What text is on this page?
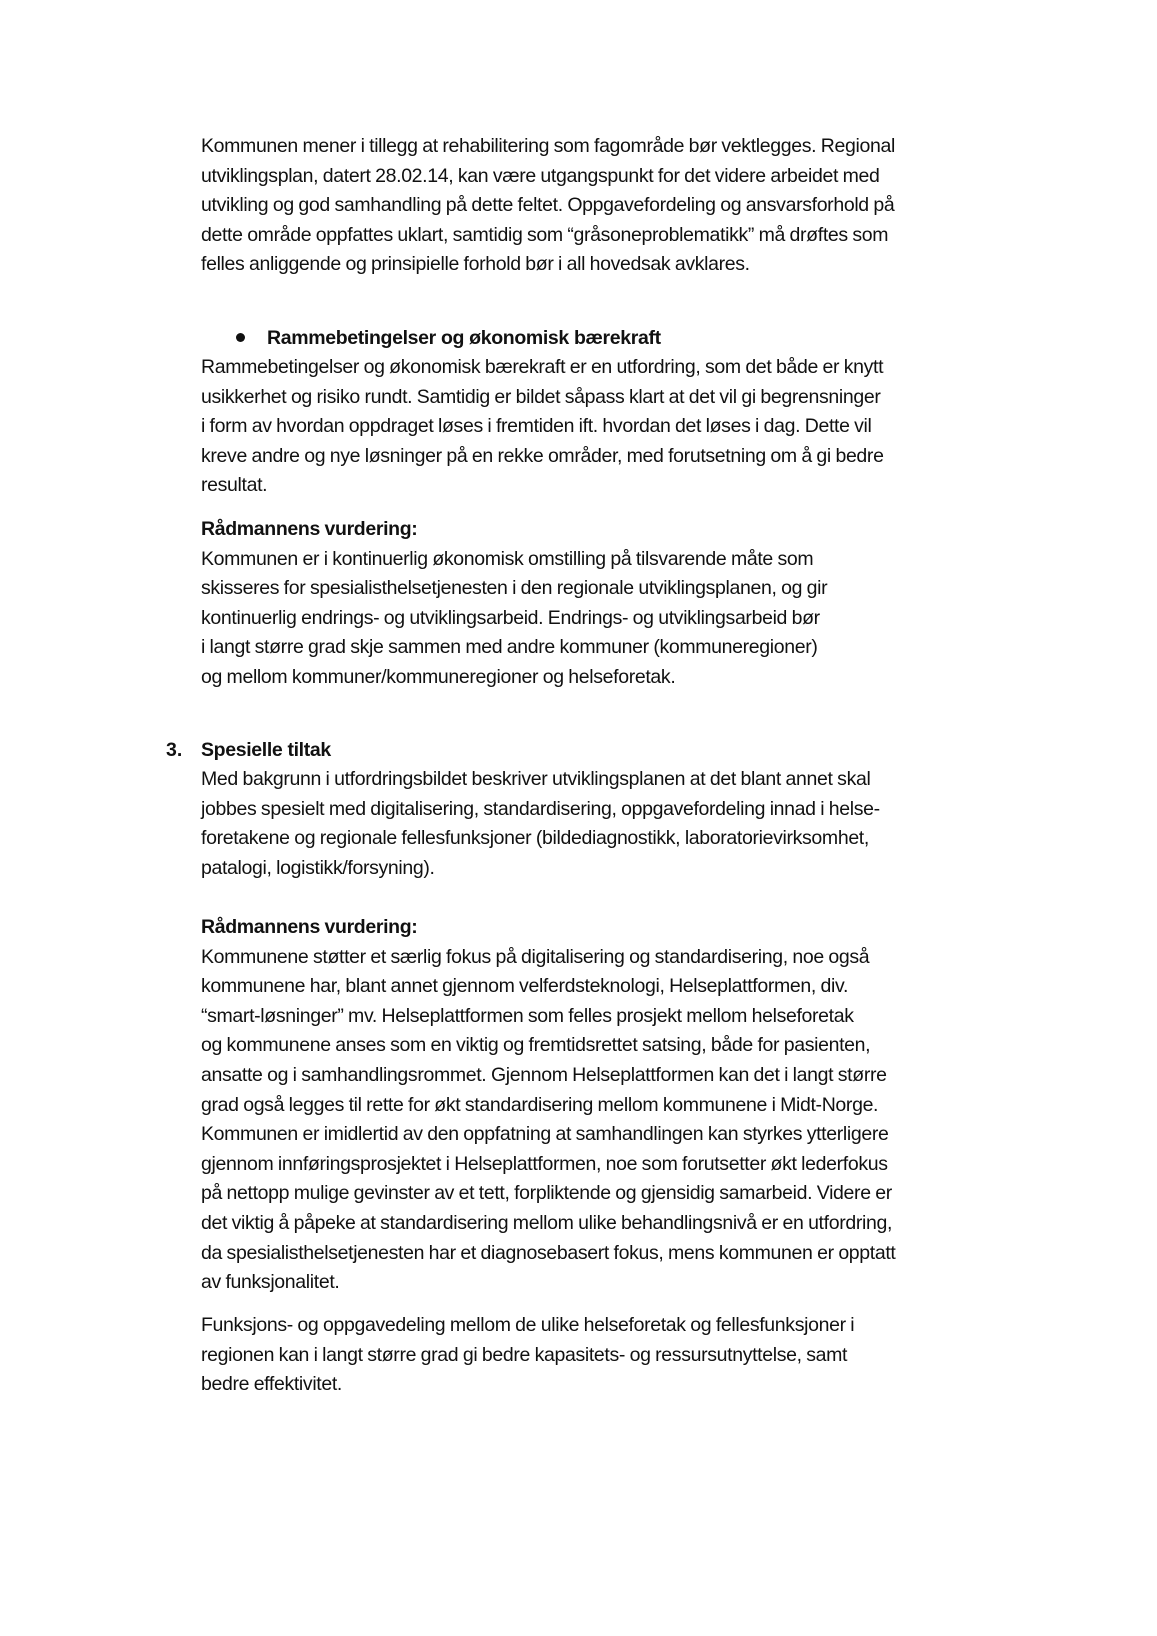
Kommunen mener i tillegg at rehabilitering som fagområde bør vektlegges. Regional
utviklingsplan, datert 28.02.14, kan være utgangspunkt for det videre arbeidet med
utvikling og god samhandling på dette feltet. Oppgavefordeling og ansvarsforhold på
dette område oppfattes uklart, samtidig som “gråsoneproblematikk” må drøftes som
felles anliggende og prinsipielle forhold bør i all hovedsak avklares.
Rammebetingelser og økonomisk bærekraft
Rammebetingelser og økonomisk bærekraft er en utfordring, som det både er knytt
usikkerhet og risiko rundt. Samtidig er bildet såpass klart at det vil gi begrensninger
i form av hvordan oppdraget løses i fremtiden ift. hvordan det løses i dag. Dette vil
kreve andre og nye løsninger på en rekke områder, med forutsetning om å gi bedre
resultat.
Rådmannens vurdering:
Kommunen er i kontinuerlig økonomisk omstilling på tilsvarende måte som
skisseres for spesialisthelsetjenesten i den regionale utviklingsplanen, og gir
kontinuerlig endrings- og utviklingsarbeid. Endrings- og utviklingsarbeid bør
i langt større grad skje sammen med andre kommuner (kommuneregioner)
og mellom kommuner/kommuneregioner og helseforetak.
3. Spesielle tiltak
Med bakgrunn i utfordringsbildet beskriver utviklingsplanen at det blant annet skal
jobbes spesielt med digitalisering, standardisering, oppgavefordeling innad i helse-
foretakene og regionale fellesfunksjoner (bildediagnostikk, laboratorievirksomhet,
patalogi, logistikk/forsyning).
Rådmannens vurdering:
Kommunene støtter et særlig fokus på digitalisering og standardisering, noe også
kommunene har, blant annet gjennom velferdsteknologi, Helseplattformen, div.
“smart-løsninger” mv. Helseplattformen som felles prosjekt mellom helseforetak
og kommunene anses som en viktig og fremtidsrettet satsing, både for pasienten,
ansatte og i samhandlingsrommet. Gjennom Helseplattformen kan det i langt større
grad også legges til rette for økt standardisering mellom kommunene i Midt-Norge.
Kommunen er imidlertid av den oppfatning at samhandlingen kan styrkes ytterligere
gjennom innføringsprosjektet i Helseplattformen, noe som forutsetter økt lederfokus
på nettopp mulige gevinster av et tett, forpliktende og gjensidig samarbeid. Videre er
det viktig å påpeke at standardisering mellom ulike behandlingsnivå er en utfordring,
da spesialisthelsetjenesten har et diagnosebasert fokus, mens kommunen er opptatt
av funksjonalitet.
Funksjons- og oppgavedeling mellom de ulike helseforetak og fellesfunksjoner i
regionen kan i langt større grad gi bedre kapasitets- og ressursutnyttelse, samt
bedre effektivitet.
